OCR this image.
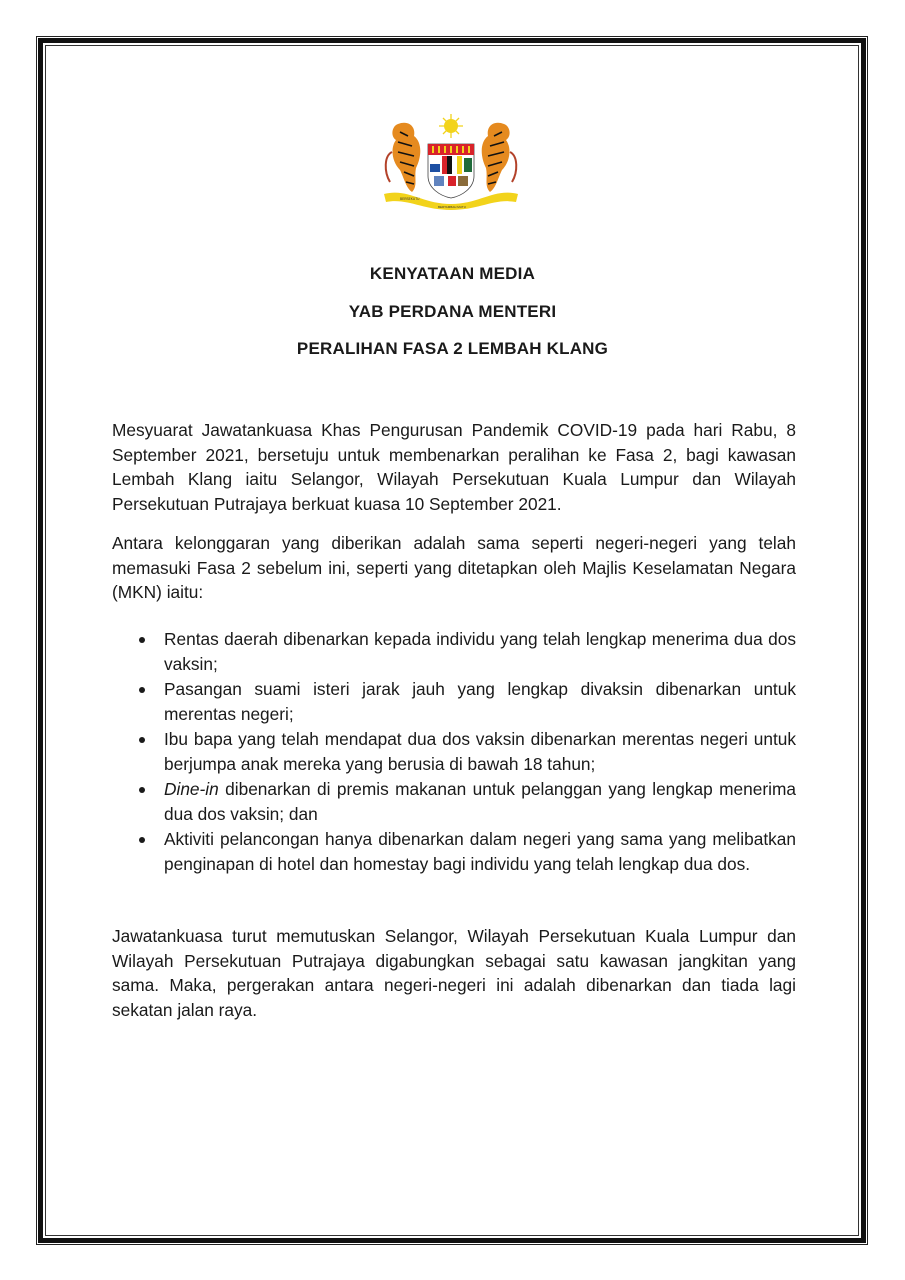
BERSEKUTU
BERTAMBAH MUTU
KENYATAAN MEDIA
YAB PERDANA MENTERI
PERALIHAN FASA 2 LEMBAH KLANG
Mesyuarat Jawatankuasa Khas Pengurusan Pandemik COVID-19 pada hari Rabu, 8 September 2021, bersetuju untuk membenarkan peralihan ke Fasa 2, bagi kawasan Lembah Klang iaitu Selangor, Wilayah Persekutuan Kuala Lumpur dan Wilayah Persekutuan Putrajaya berkuat kuasa 10 September 2021.
Antara kelonggaran yang diberikan adalah sama seperti negeri-negeri yang telah memasuki Fasa 2 sebelum ini, seperti yang ditetapkan oleh Majlis Keselamatan Negara (MKN) iaitu:
Rentas daerah dibenarkan kepada individu yang telah lengkap menerima dua dos vaksin;
Pasangan suami isteri jarak jauh yang lengkap divaksin dibenarkan untuk merentas negeri;
Ibu bapa yang telah mendapat dua dos vaksin dibenarkan merentas negeri untuk berjumpa anak mereka yang berusia di bawah 18 tahun;
Dine-in dibenarkan di premis makanan untuk pelanggan yang lengkap menerima dua dos vaksin; dan
Aktiviti pelancongan hanya dibenarkan dalam negeri yang sama yang melibatkan penginapan di hotel dan homestay bagi individu yang telah lengkap dua dos.
Jawatankuasa turut memutuskan Selangor, Wilayah Persekutuan Kuala Lumpur dan Wilayah Persekutuan Putrajaya digabungkan sebagai satu kawasan jangkitan yang sama. Maka, pergerakan antara negeri-negeri ini adalah dibenarkan dan tiada lagi sekatan jalan raya.
